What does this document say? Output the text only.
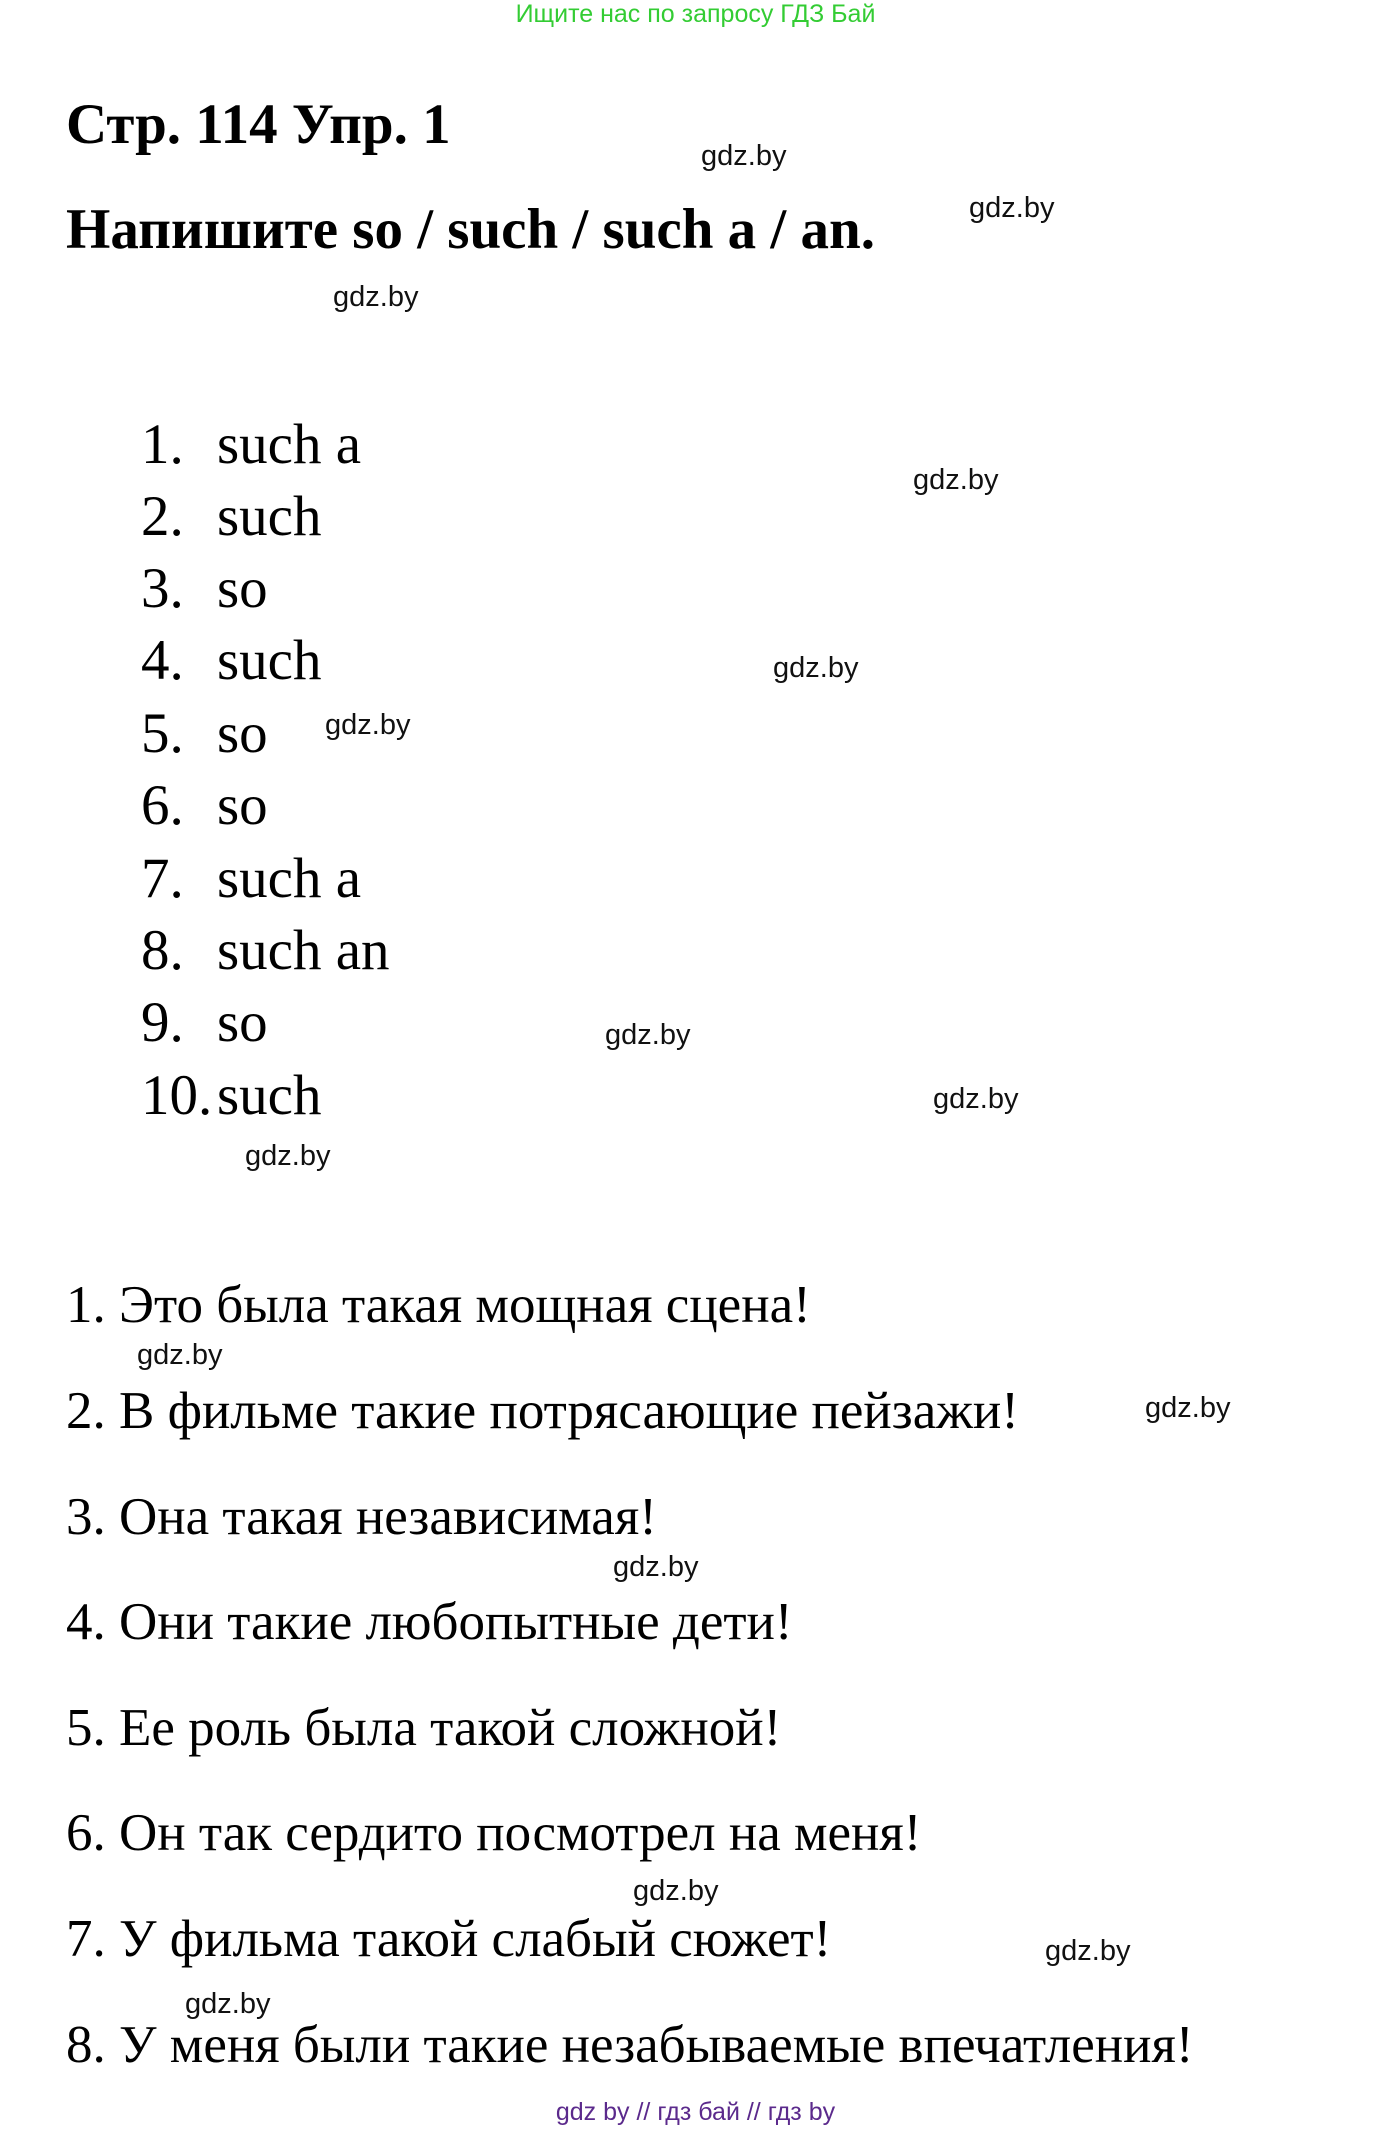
Ищите нас по запросу ГДЗ Бай
Стр. 114 Упр. 1
Напишите so / such / such a / an.
gdz.by
gdz.by
gdz.by
1. such a
2. such
3. so
4. such
5. so
6. so
7. such a
8. such an
9. so
10.such
gdz.by
gdz.by
gdz.by
gdz.by
gdz.by
gdz.by
1. Это была такая мощная сцена!
2. В фильме такие потрясающие пейзажи!
3. Она такая независимая!
4. Они такие любопытные дети!
5. Ее роль была такой сложной!
6. Он так сердито посмотрел на меня!
7. У фильма такой слабый сюжет!
8. У меня были такие незабываемые впечатления!
gdz.by
gdz.by
gdz.by
gdz.by
gdz.by
gdz.by
gdz by // гдз бай // гдз by
